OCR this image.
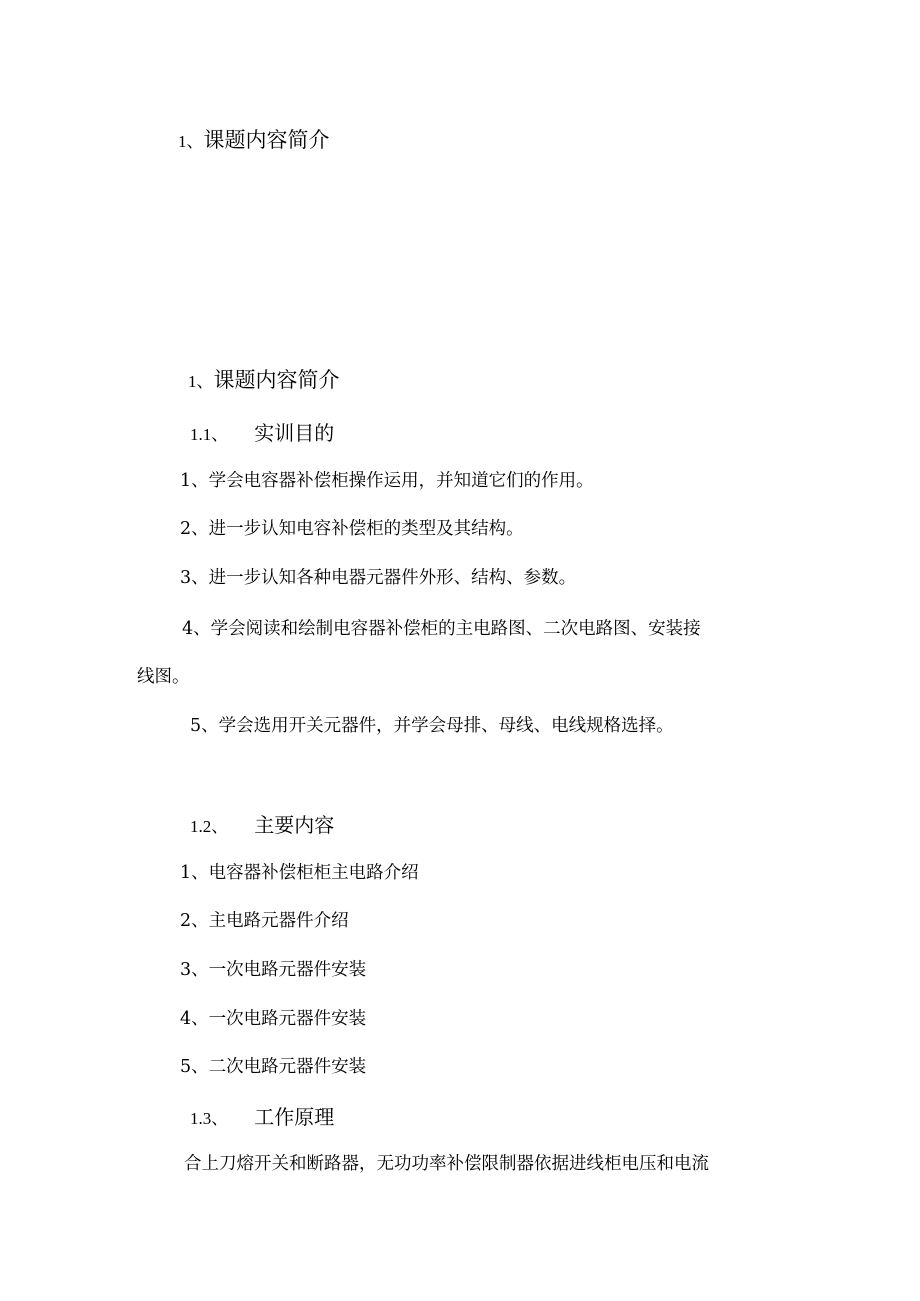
1、课题内容简介
1、课题内容简介
1.1、 实训目的
1、学会电容器补偿柜操作运用，并知道它们的作用。
2、进一步认知电容补偿柜的类型及其结构。
3、进一步认知各种电器元器件外形、结构、参数。
4、学会阅读和绘制电容器补偿柜的主电路图、二次电路图、安装接
线图。
5、学会选用开关元器件，并学会母排、母线、电线规格选择。
1.2、 主要内容
1、电容器补偿柜柜主电路介绍
2、主电路元器件介绍
3、一次电路元器件安装
4、一次电路元器件安装
5、二次电路元器件安装
1.3、 工作原理
合上刀熔开关和断路器，无功功率补偿限制器依据进线柜电压和电流
